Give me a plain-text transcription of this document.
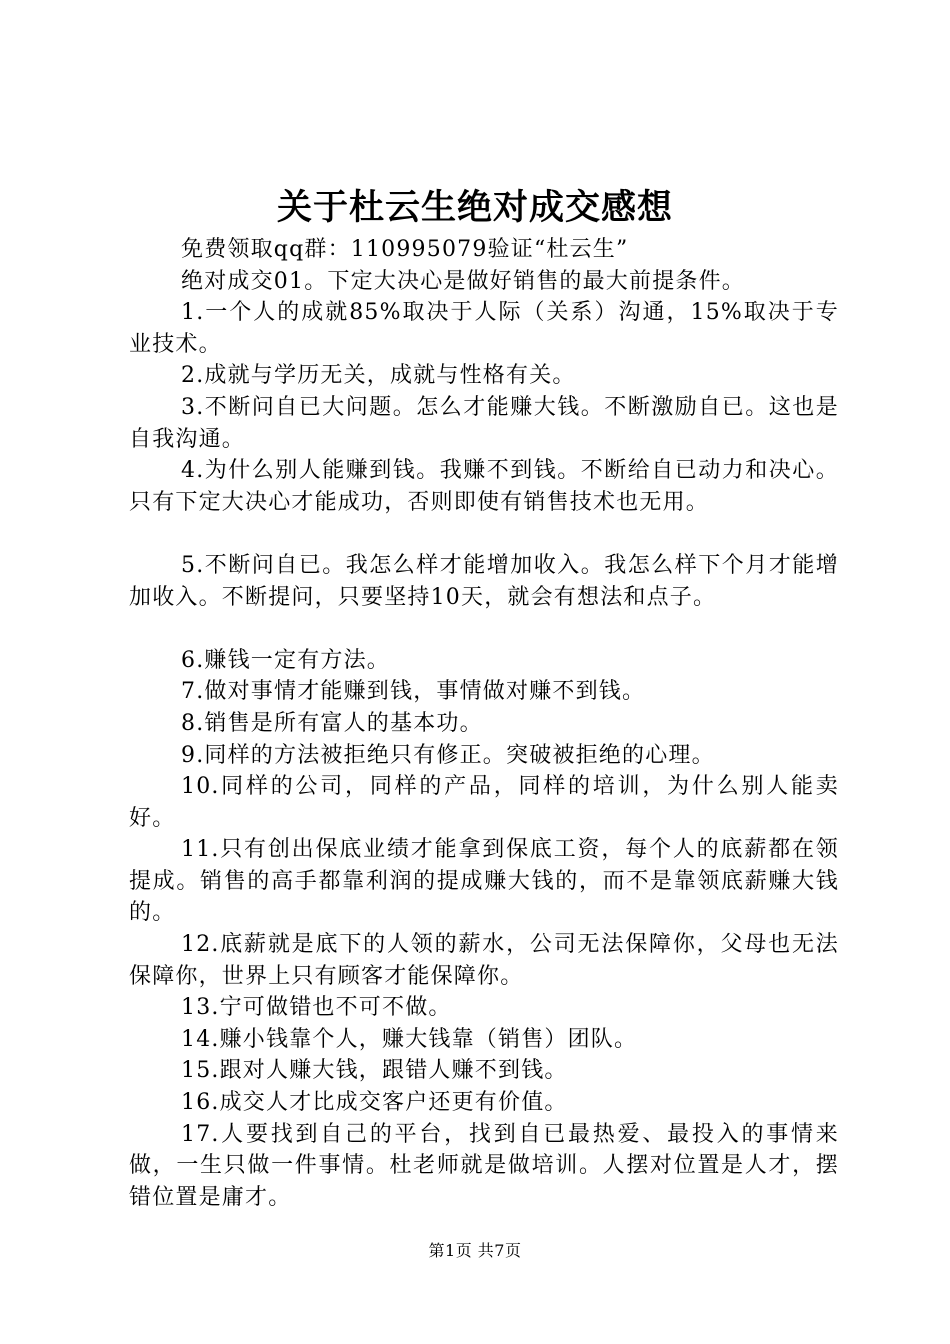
关于杜云生绝对成交感想

免费领取qq群：110995079验证“杜云生”

绝对成交01。下定大决心是做好销售的最大前提条件。

1.一个人的成就85%取决于人际（关系）沟通，15%取决于专业技术。

2.成就与学历无关，成就与性格有关。

3.不断问自已大问题。怎么才能赚大钱。不断激励自已。这也是自我沟通。

4.为什么别人能赚到钱。我赚不到钱。不断给自已动力和决心。只有下定大决心才能成功，否则即使有销售技术也无用。

5.不断问自已。我怎么样才能增加收入。我怎么样下个月才能增加收入。不断提问，只要坚持10天，就会有想法和点子。

6.赚钱一定有方法。

7.做对事情才能赚到钱，事情做对赚不到钱。

8.销售是所有富人的基本功。

9.同样的方法被拒绝只有修正。突破被拒绝的心理。

10.同样的公司，同样的产品，同样的培训，为什么别人能卖好。

11.只有创出保底业绩才能拿到保底工资，每个人的底薪都在领提成。销售的高手都靠利润的提成赚大钱的，而不是靠领底薪赚大钱的。

12.底薪就是底下的人领的薪水，公司无法保障你，父母也无法保障你，世界上只有顾客才能保障你。

13.宁可做错也不可不做。

14.赚小钱靠个人，赚大钱靠（销售）团队。

15.跟对人赚大钱，跟错人赚不到钱。

16.成交人才比成交客户还更有价值。

17.人要找到自己的平台，找到自已最热爱、最投入的事情来做，一生只做一件事情。杜老师就是做培训。人摆对位置是人才，摆错位置是庸才。

第1页 共7页
